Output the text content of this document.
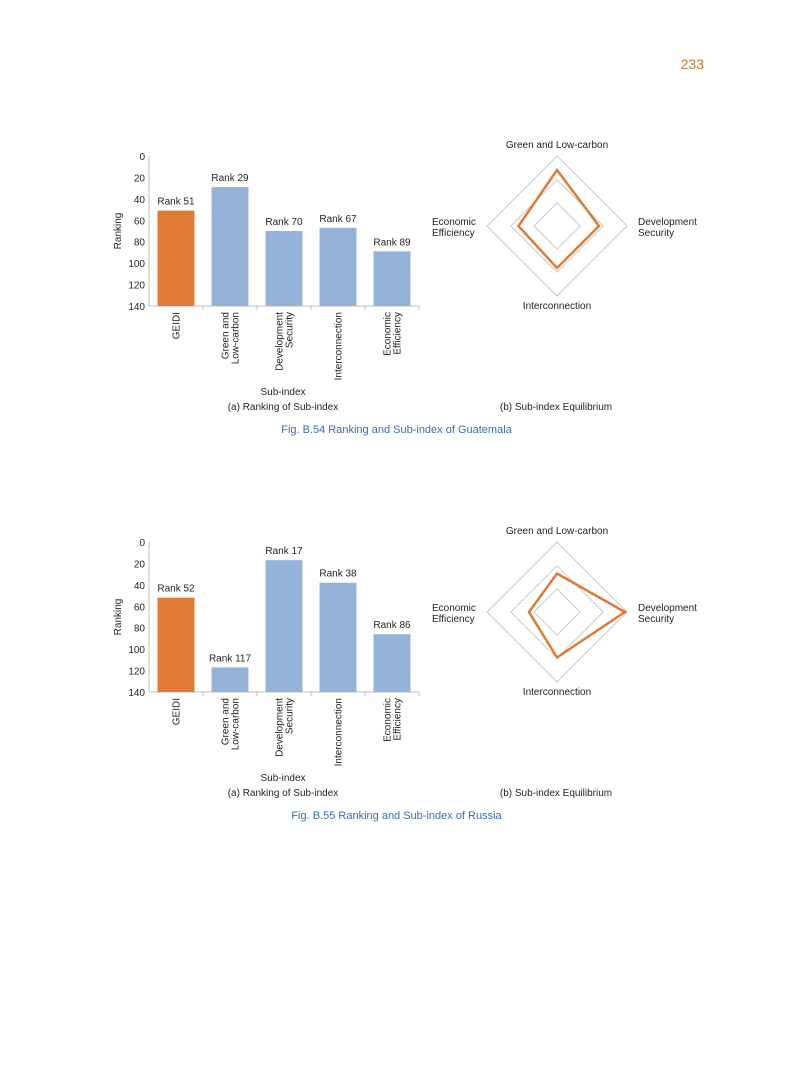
233
0
20
40
60
80
100
120
140
Ranking
Rank 51
GEIDI
Rank 29
Green andLow-carbon
Rank 70
DevelopmentSecurity
Rank 67
Interconnection
Rank 89
EconomicEfficiency
Sub-index
Green and Low-carbon
Interconnection
Development Security
Economic Efficiency
(a) Ranking of Sub-index	(b) Sub-index Equilibrium
Fig. B.54 Ranking and Sub-index of Guatemala
0
20
40
60
80
100
120
140
Ranking
Rank 52
GEIDI
Rank 117
Green andLow-carbon
Rank 17
DevelopmentSecurity
Rank 38
Interconnection
Rank 86
EconomicEfficiency
Sub-index
Green and Low-carbon
Interconnection
Development Security
Economic Efficiency
(a) Ranking of Sub-index	(b) Sub-index Equilibrium
Fig. B.55 Ranking and Sub-index of Russia
